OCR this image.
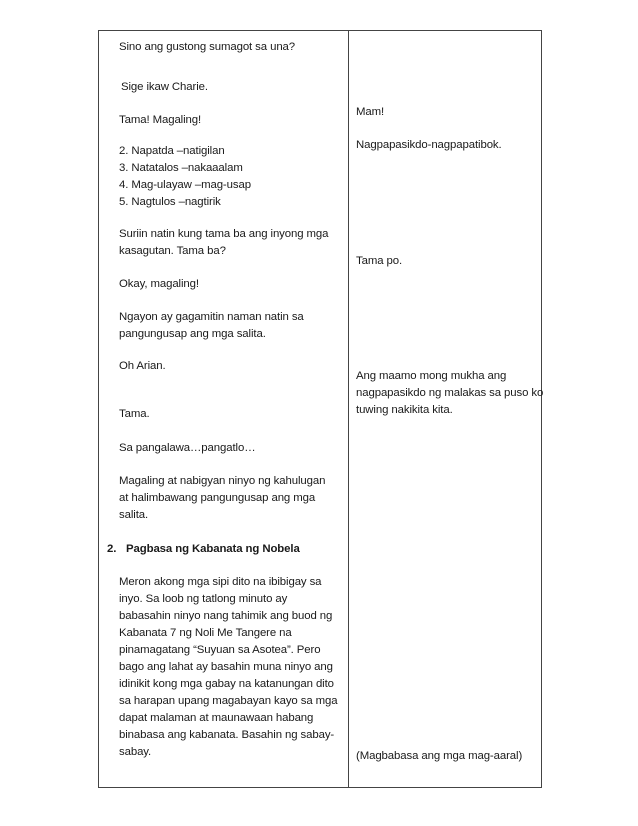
Sino ang gustong sumagot sa una?
Sige ikaw Charie.
Tama! Magaling!
2. Napatda –natigilan
3. Natatalos –nakaaalam
4. Mag-ulayaw –mag-usap
5. Nagtulos –nagtirik
Suriin natin kung tama ba ang inyong mga
kasagutan. Tama ba?
Okay, magaling!
Ngayon ay gagamitin naman natin sa
pangungusap ang mga salita.
Oh Arian.
Tama.
Sa pangalawa…pangatlo…
Magaling at nabigyan ninyo ng kahulugan
at halimbawang pangungusap ang mga
salita.
2. Pagbasa ng Kabanata ng Nobela
Meron akong mga sipi dito na ibibigay sa
inyo. Sa loob ng tatlong minuto ay
babasahin ninyo nang tahimik ang buod ng
Kabanata 7 ng Noli Me Tangere na
pinamagatang “Suyuan sa Asotea”. Pero
bago ang lahat ay basahin muna ninyo ang
idinikit kong mga gabay na katanungan dito
sa harapan upang magabayan kayo sa mga
dapat malaman at maunawaan habang
binabasa ang kabanata. Basahin ng sabay-
sabay.
Mam!
Nagpapasikdo-nagpapatibok.
Tama po.
Ang maamo mong mukha ang
nagpapasikdo ng malakas sa puso ko
tuwing nakikita kita.
(Magbabasa ang mga mag-aaral)
